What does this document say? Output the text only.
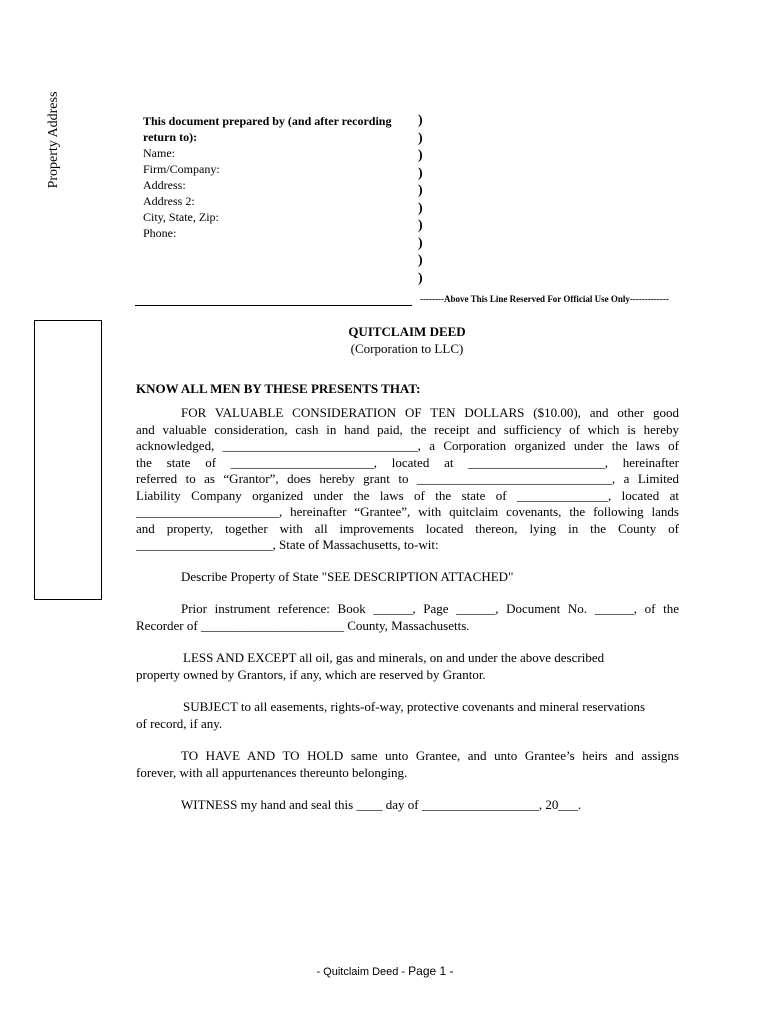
This document prepared by (and after recording
return to):
Name:
Firm/Company:
Address:
Address 2:
City, State, Zip:
Phone:
)
)
)
)
)
)
)
)
)
)
--------Above This Line Reserved For Official Use Only-------------
Property Address
QUITCLAIM DEED
(Corporation to LLC)
KNOW ALL MEN BY THESE PRESENTS THAT:
FOR VALUABLE CONSIDERATION OF TEN DOLLARS ($10.00), and other good
and valuable consideration, cash in hand paid, the receipt and sufficiency of which is hereby
acknowledged, ______________________________, a Corporation organized under the laws of
the state of ______________________, located at _____________________, hereinafter
referred to as “Grantor”, does hereby grant to ______________________________, a Limited
Liability Company organized under the laws of the state of ______________, located at
______________________, hereinafter “Grantee”, with quitclaim covenants, the following lands
and property, together with all improvements located thereon, lying in the County of
_____________________, State of Massachusetts, to-wit:
Describe Property of State "SEE DESCRIPTION ATTACHED"
Prior instrument reference: Book ______, Page ______, Document No. ______, of the
Recorder of ______________________ County, Massachusetts.
LESS AND EXCEPT all oil, gas and minerals, on and under the above described
property owned by Grantors, if any, which are reserved by Grantor.
SUBJECT to all easements, rights-of-way, protective covenants and mineral reservations
of record, if any.
TO HAVE AND TO HOLD same unto Grantee, and unto Grantee’s heirs and assigns
forever, with all appurtenances thereunto belonging.
WITNESS my hand and seal this ____ day of __________________, 20___.
- Quitclaim Deed - Page 1 -
